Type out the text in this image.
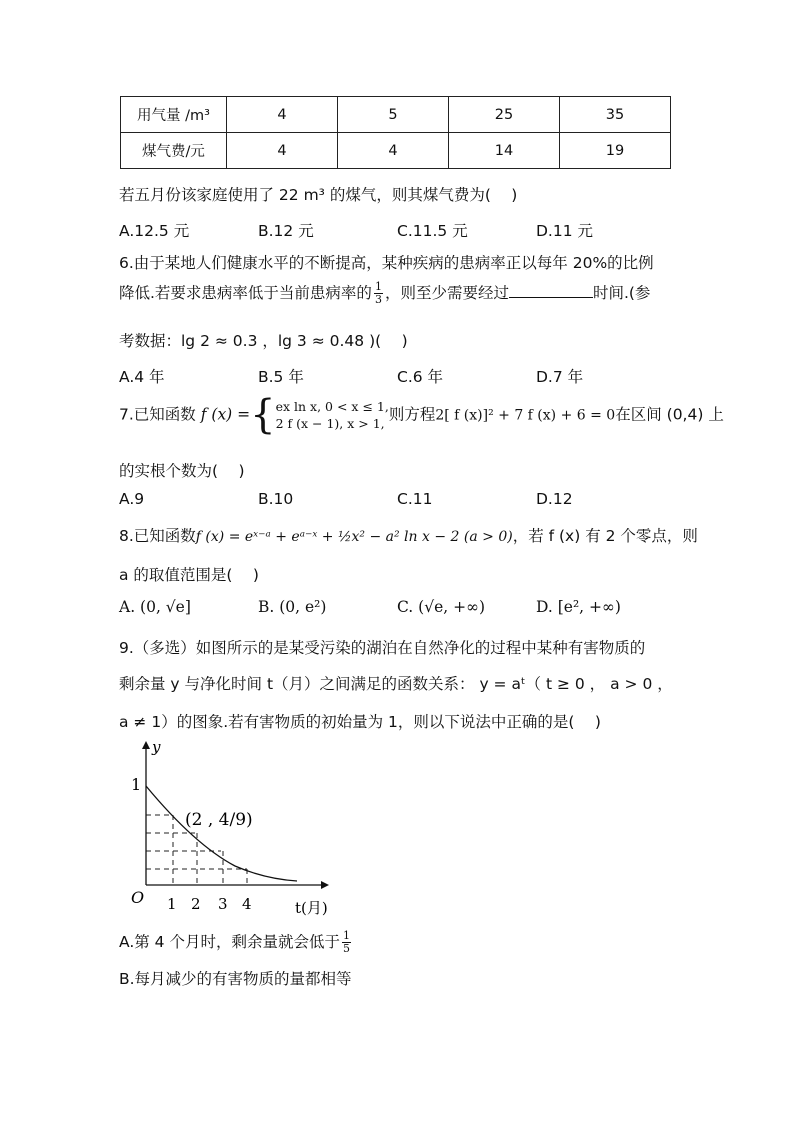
用气量 /m³	4	5	25	35
煤气费/元	4	4	14	19
若五月份该家庭使用了 22 m³ 的煤气，则其煤气费为(　 )
A.12.5 元	B.12 元	C.11.5 元	D.11 元
6.由于某地人们健康水平的不断提高，某种疾病的患病率正以每年 20%的比例
降低.若要求患病率低于当前患病率的 $\frac{1}{3}$ ，则至少需要经过	时间.(参
考数据：lg 2 ≈ 0.3 ，lg 3 ≈ 0.48 )(　 )
A.4 年	B.5 年	C.6 年	D.7 年
7.已知函数 f (x) ={ ex ln x, 0 < x ≤ 1,
2 f (x − 1), x > 1, 则方程2[ f (x)]² + 7 f (x) + 6 = 0在区间 (0,4) 上
的实根个数为(　 )
A.9	B.10	C.11	D.12
8.已知函数f (x) = eˣ⁻ᵃ + eᵃ⁻ˣ + ½x² − a² ln x − 2 (a > 0)，若 f (x) 有 2 个零点，则
a 的取值范围是(　 )
A. (0, √e]	B. (0, e²)	C. (√e, +∞)	D. [e², +∞)
9.（多选）如图所示的是某受污染的湖泊在自然净化的过程中某种有害物质的
剩余量 y 与净化时间 t（月）之间满足的函数关系： y = aᵗ（ t ≥ 0 ， a > 0 ，
a ≠ 1）的图象.若有害物质的初始量为 1，则以下说法中正确的是(　 )
y
1
O 1 2 3 4	t(月)
(2 , 4/9)
A.第 4 个月时，剩余量就会低于 $\frac{1}{5}$
B.每月减少的有害物质的量都相等
